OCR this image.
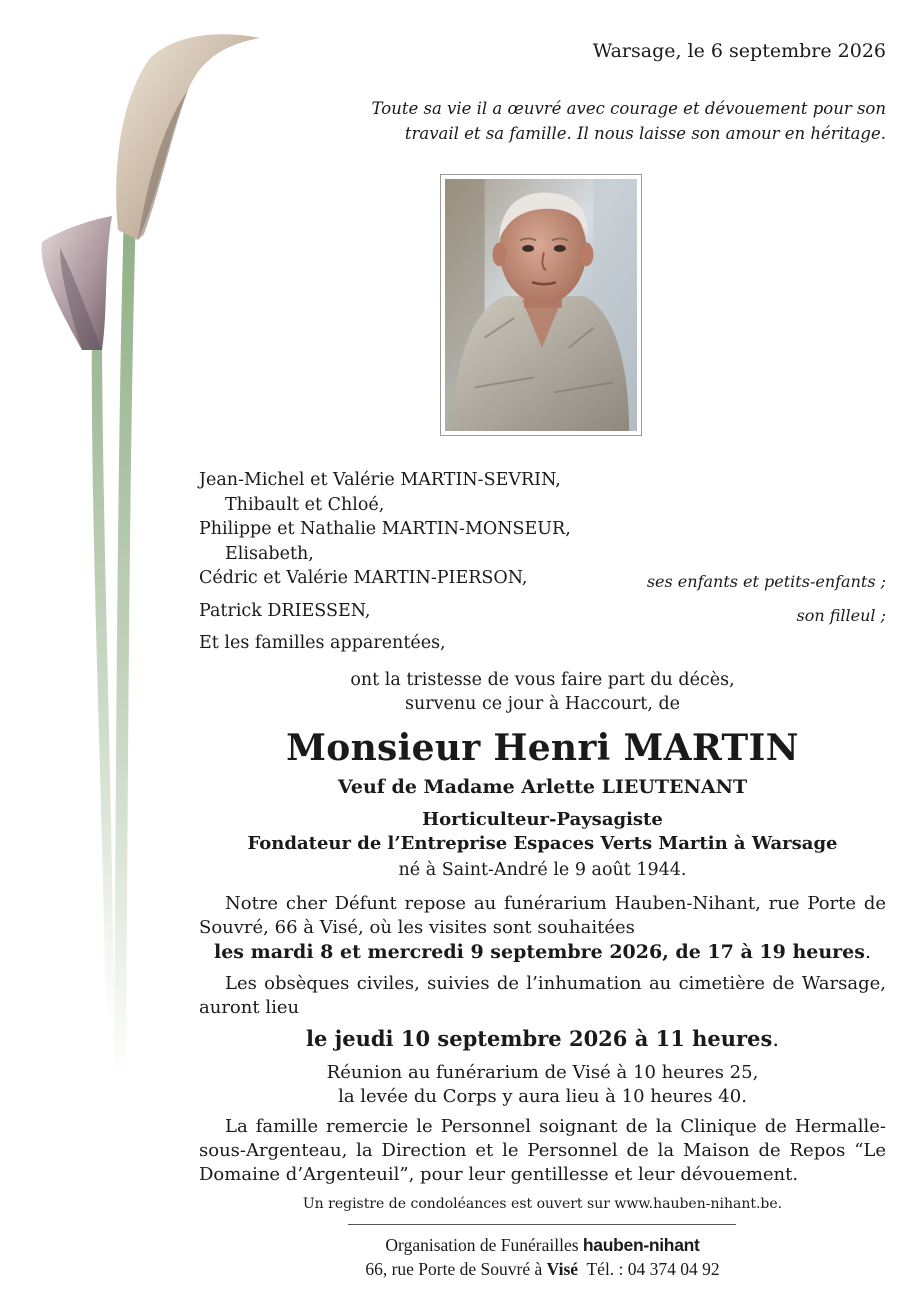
Warsage, le 6 septembre 2026
Toute sa vie il a œuvré avec courage et dévouement pour son
travail et sa famille. Il nous laisse son amour en héritage.
Jean-Michel et Valérie MARTIN-SEVRIN,
Thibault et Chloé,
Philippe et Nathalie MARTIN-MONSEUR,
Elisabeth,
Cédric et Valérie MARTIN-PIERSON,
Patrick DRIESSEN,
Et les familles apparentées,
ses enfants et petits-enfants ;
son filleul ;
ont la tristesse de vous faire part du décès,
survenu ce jour à Haccourt, de
Monsieur Henri MARTIN
Veuf de Madame Arlette LIEUTENANT
Horticulteur-Paysagiste
Fondateur de l’Entreprise Espaces Verts Martin à Warsage
né à Saint-André le 9 août 1944.
Notre cher Défunt repose au funérarium Hauben-Nihant, rue Porte de Souvré, 66 à Visé, où les visites sont souhaitées
les mardi 8 et mercredi 9 septembre 2026, de 17 à 19 heures.
Les obsèques civiles, suivies de l’inhumation au cimetière de Warsage, auront lieu
le jeudi 10 septembre 2026 à 11 heures.
Réunion au funérarium de Visé à 10 heures 25,
la levée du Corps y aura lieu à 10 heures 40.
La famille remercie le Personnel soignant de la Clinique de Hermalle-sous-Argenteau, la Direction et le Personnel de la Maison de Repos “Le Domaine d’Argenteuil”, pour leur gentillesse et leur dévouement.
Un registre de condoléances est ouvert sur www.hauben-nihant.be.
Organisation de Funérailles hauben-nihant
66, rue Porte de Souvré à Visé Tél. : 04 374 04 92
